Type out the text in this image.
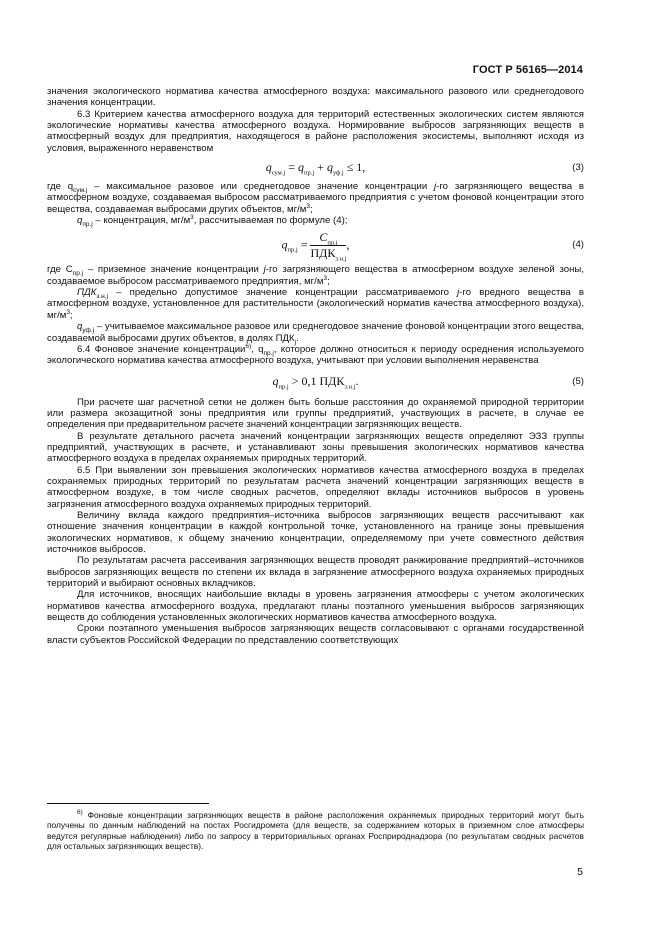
ГОСТ Р 56165—2014

значения экологического норматива качества атмосферного воздуха: максимального разового или среднегодового значения концентрации.

6.3 Критерием качества атмосферного воздуха для территорий естественных экологических систем являются экологические нормативы качества атмосферного воздуха. Нормирование выбросов загрязняющих веществ в атмосферный воздух для предприятия, находящегося в районе расположения экосистемы, выполняют исходя из условия, выраженного неравенством

$q_{сум.j} = q_{пр.j} + q_{уф.j} \le 1$,	(3)

где $q_{сум.j}$ – максимальное разовое или среднегодовое значение концентрации j-го загрязняющего вещества в атмосферном воздухе, создаваемая выбросом рассматриваемого предприятия с учетом фоновой концентрации этого вещества, создаваемая выбросами других объектов, $мг/м^3$;

$q_{пр.j}$ – концентрация, $мг/м^3$, рассчитываемая по формуле (4);

$q_{пр.j} = \frac{C_{пр.j}}{ПДК_{з.н.j}}$ ,	(4)

где $C_{пр.j}$ – приземное значение концентрации j-го загрязняющего вещества в атмосферном воздухе зеленой зоны, создаваемое выбросом рассматриваемого предприятия, $мг/м^3$;

$ПДК_{з.н.j}$ – предельно допустимое значение концентрации рассматриваемого j-го вредного вещества в атмосферном воздухе, установленное для растительности (экологический норматив качества атмосферного воздуха), $мг/м^3$;

$q_{уф.j}$ – учитываемое максимальное разовое или среднегодовое значение фоновой концентрации этого вещества, создаваемой выбросами других объектов, в долях $ПДК_j$.

6.4 Фоновое значение концентрации$^{6)}$, $q_{пр.j}$, которое должно относиться к периоду осреднения используемого экологического норматива качества атмосферного воздуха, учитывают при условии выполнения неравенства

$q_{пр.j} > 0,1$ $ПДК_{з.н.j}$.	(5)

При расчете шаг расчетной сетки не должен быть больше расстояния до охраняемой природной территории или размера экозащитной зоны предприятия или группы предприятий, участвующих в расчете, в случае ее определения при предварительном расчете значений концентрации загрязняющих веществ.

В результате детального расчета значений концентрации загрязняющих веществ определяют ЭЗЗ группы предприятий, участвующих в расчете, и устанавливают зоны превышения экологических нормативов качества атмосферного воздуха в пределах охраняемых природных территорий.

6.5 При выявлении зон превышения экологических нормативов качества атмосферного воздуха в пределах сохраняемых природных территорий по результатам расчета значений концентрации загрязняющих веществ в атмосферном воздухе, в том числе сводных расчетов, определяют вклады источников выбросов в уровень загрязнения атмосферного воздуха охраняемых природных территорий.

Величину вклада каждого предприятия–источника выбросов загрязняющих веществ рассчитывают как отношение значения концентрации в каждой контрольной точке, установленного на границе зоны превышения экологических нормативов, к общему значению концентрации, определяемому при учете совместного действия источников выбросов.

По результатам расчета рассеивания загрязняющих веществ проводят ранжирование предприятий–источников выбросов загрязняющих веществ по степени их вклада в загрязнение атмосферного воздуха охраняемых природных территорий и выбирают основных вкладчиков.

Для источников, вносящих наибольшие вклады в уровень загрязнения атмосферы с учетом экологических нормативов качества атмосферного воздуха, предлагают планы поэтапного уменьшения выбросов загрязняющих веществ до соблюдения установленных экологических нормативов качества атмосферного воздуха.

Сроки поэтапного уменьшения выбросов загрязняющих веществ согласовывают с органами государственной власти субъектов Российской Федерации по представлению соответствующих

$^{6)}$ Фоновые концентрации загрязняющих веществ в районе расположения охраняемых природных территорий могут быть получены по данным наблюдений на постах Росгидромета (для веществ, за содержанием которых в приземном слое атмосферы ведутся регулярные наблюдения) либо по запросу в территориальных органах Росприроднадзора (по результатам сводных расчетов для остальных загрязняющих веществ).

5
